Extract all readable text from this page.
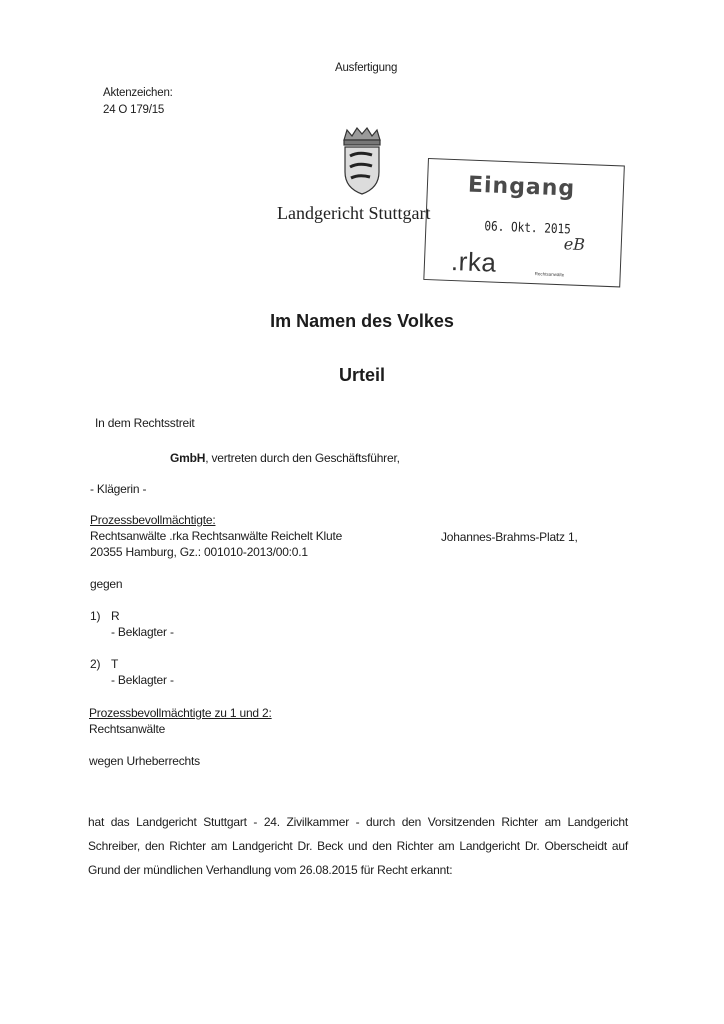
Ausfertigung
Aktenzeichen:
24 O 179/15
Landgericht Stuttgart
Eingang
06. Okt. 2015
eB
.rka	Rechtsanwälte
Im Namen des Volkes
Urteil
In dem Rechtsstreit
GmbH, vertreten durch den Geschäftsführer,
- Klägerin -
Prozessbevollmächtigte:
Rechtsanwälte .rka Rechtsanwälte Reichelt Klute	Johannes-Brahms-Platz 1,
20355 Hamburg, Gz.: 001010-2013/00:0.1
gegen
1) R
- Beklagter -
2) T
- Beklagter -
Prozessbevollmächtigte zu 1 und 2:
Rechtsanwälte
wegen Urheberrechts
hat das Landgericht Stuttgart - 24. Zivilkammer - durch den Vorsitzenden Richter am Landgericht Schreiber, den Richter am Landgericht Dr. Beck und den Richter am Landgericht Dr. Oberscheidt auf Grund der mündlichen Verhandlung vom 26.08.2015 für Recht erkannt:
